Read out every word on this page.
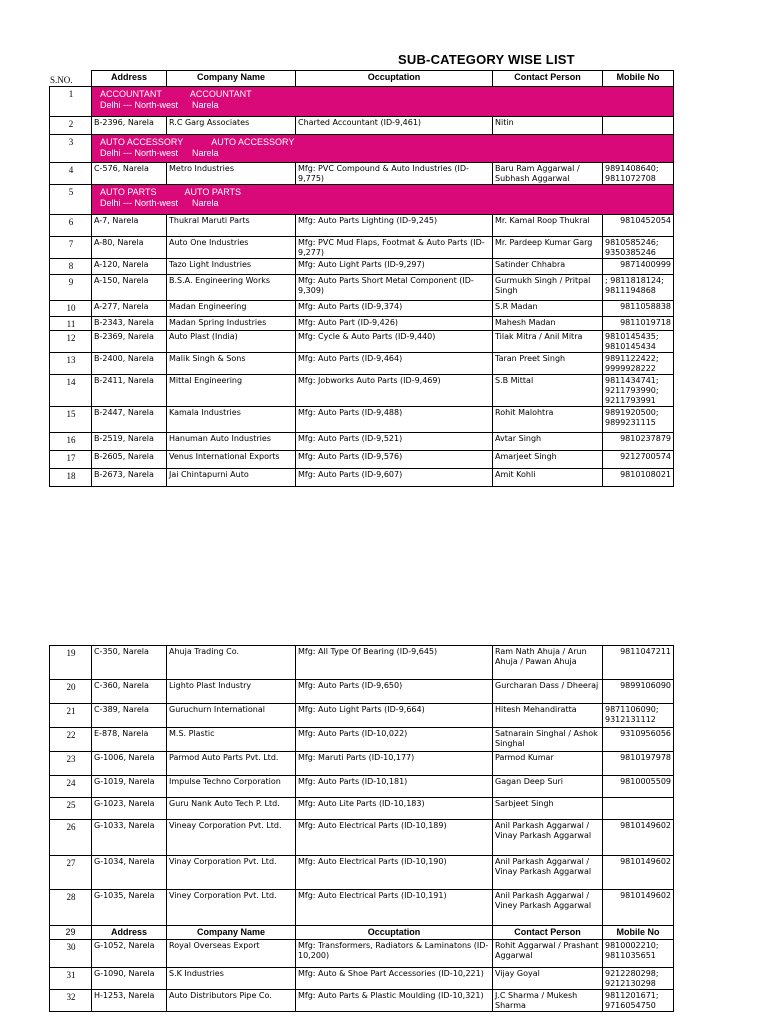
SUB-CATEGORY WISE LIST
S.NO.
		Address	Company Name	Occuptation	Contact Person	Mobile No
1	ACCOUNTANT ACCOUNTANT
Delhi --- North-west Narela				

2	B-2396, Narela	R.C Garg Associates	Charted Accountant (ID-9,461)	Nitin	
3	AUTO ACCESSORY AUTO ACCESSORY
Delhi --- North-west Narela				

4	C-576, Narela	Metro Industries	Mfg: PVC Compound & Auto Industries (ID-9,775)	Baru Ram Aggarwal / Subhash Aggarwal	9891408640; 9811072708
5	AUTO PARTS AUTO PARTS
Delhi --- North-west Narela				

6	A-7, Narela	Thukral Maruti Parts	Mfg: Auto Parts Lighting (ID-9,245)	Mr. Kamal Roop Thukral	9810452054
7	A-80, Narela	Auto One Industries	Mfg: PVC Mud Flaps, Footmat & Auto Parts (ID-9,277)	Mr. Pardeep Kumar Garg	9810585246; 9350385246
8	A-120, Narela	Tazo Light Industries	Mfg: Auto Light Parts (ID-9,297)	Satinder Chhabra	9871400999
9	A-150, Narela	B.S.A. Engineering Works	Mfg: Auto Parts Short Metal Component (ID-9,309)	Gurmukh Singh / Pritpal Singh	; 9811818124; 9811194868
10	A-277, Narela	Madan Engineering	Mfg: Auto Parts (ID-9,374)	S.R Madan	9811058838
11	B-2343, Narela	Madan Spring Industries	Mfg: Auto Part (ID-9,426)	Mahesh Madan	9811019718
12	B-2369, Narela	Auto Plast (India)	Mfg: Cycle & Auto Parts (ID-9,440)	Tilak Mitra / Anil Mitra	9810145435; 9810145434
13	B-2400, Narela	Malik Singh & Sons	Mfg: Auto Parts (ID-9,464)	Taran Preet Singh	9891122422; 9999928222
14	B-2411, Narela	Mittal Engineering	Mfg: Jobworks Auto Parts (ID-9,469)	S.B Mittal	9811434741; 9211793990; 9211793991
15	B-2447, Narela	Kamala Industries	Mfg: Auto Parts (ID-9,488)	Rohit Malohtra	9891920500; 9899231115
16	B-2519, Narela	Hanuman Auto Industries	Mfg: Auto Parts (ID-9,521)	Avtar Singh	9810237879
17	B-2605, Narela	Venus International Exports	Mfg: Auto Parts (ID-9,576)	Amarjeet Singh	9212700574
18	B-2673, Narela	Jai Chintapurni Auto	Mfg: Auto Parts (ID-9,607)	Amit Kohli	9810108021
19	C-350, Narela	Ahuja Trading Co.	Mfg: All Type Of Bearing (ID-9,645)	Ram Nath Ahuja / Arun Ahuja / Pawan Ahuja	9811047211
20	C-360, Narela	Lighto Plast Industry	Mfg: Auto Parts (ID-9,650)	Gurcharan Dass / Dheeraj	9899106090
21	C-389, Narela	Guruchurn International	Mfg: Auto Light Parts (ID-9,664)	Hitesh Mehandiratta	9871106090; 9312131112
22	E-878, Narela	M.S. Plastic	Mfg: Auto Parts (ID-10,022)	Satnarain Singhal / Ashok Singhal	9310956056
23	G-1006, Narela	Parmod Auto Parts Pvt. Ltd.	Mfg: Maruti Parts (ID-10,177)	Parmod Kumar	9810197978
24	G-1019, Narela	Impulse Techno Corporation	Mfg: Auto Parts (ID-10,181)	Gagan Deep Suri	9810005509
25	G-1023, Narela	Guru Nank Auto Tech P. Ltd.	Mfg: Auto Lite Parts (ID-10,183)	Sarbjeet Singh	
26	G-1033, Narela	Vineay Corporation Pvt. Ltd.	Mfg: Auto Electrical Parts (ID-10,189)	Anil Parkash Aggarwal / Vinay Parkash Aggarwal	9810149602
27	G-1034, Narela	Vinay Corporation Pvt. Ltd.	Mfg: Auto Electrical Parts (ID-10,190)	Anil Parkash Aggarwal / Vinay Parkash Aggarwal	9810149602
28	G-1035, Narela	Viney Corporation Pvt. Ltd.	Mfg: Auto Electrical Parts (ID-10,191)	Anil Parkash Aggarwal / Viney Parkash Aggarwal	9810149602
29	Address	Company Name	Occuptation	Contact Person	Mobile No
30	G-1052, Narela	Royal Overseas Export	Mfg: Transformers, Radiators & Laminatons (ID-10,200)	Rohit Aggarwal / Prashant Aggarwal	9810002210; 9811035651
31	G-1090, Narela	S.K Industries	Mfg: Auto & Shoe Part Accessories (ID-10,221)	Vijay Goyal	9212280298; 9212130298
32	H-1253, Narela	Auto Distributors Pipe Co.	Mfg: Auto Parts & Plastic Moulding (ID-10,321)	J.C Sharma / Mukesh Sharma	9811201671; 9716054750
